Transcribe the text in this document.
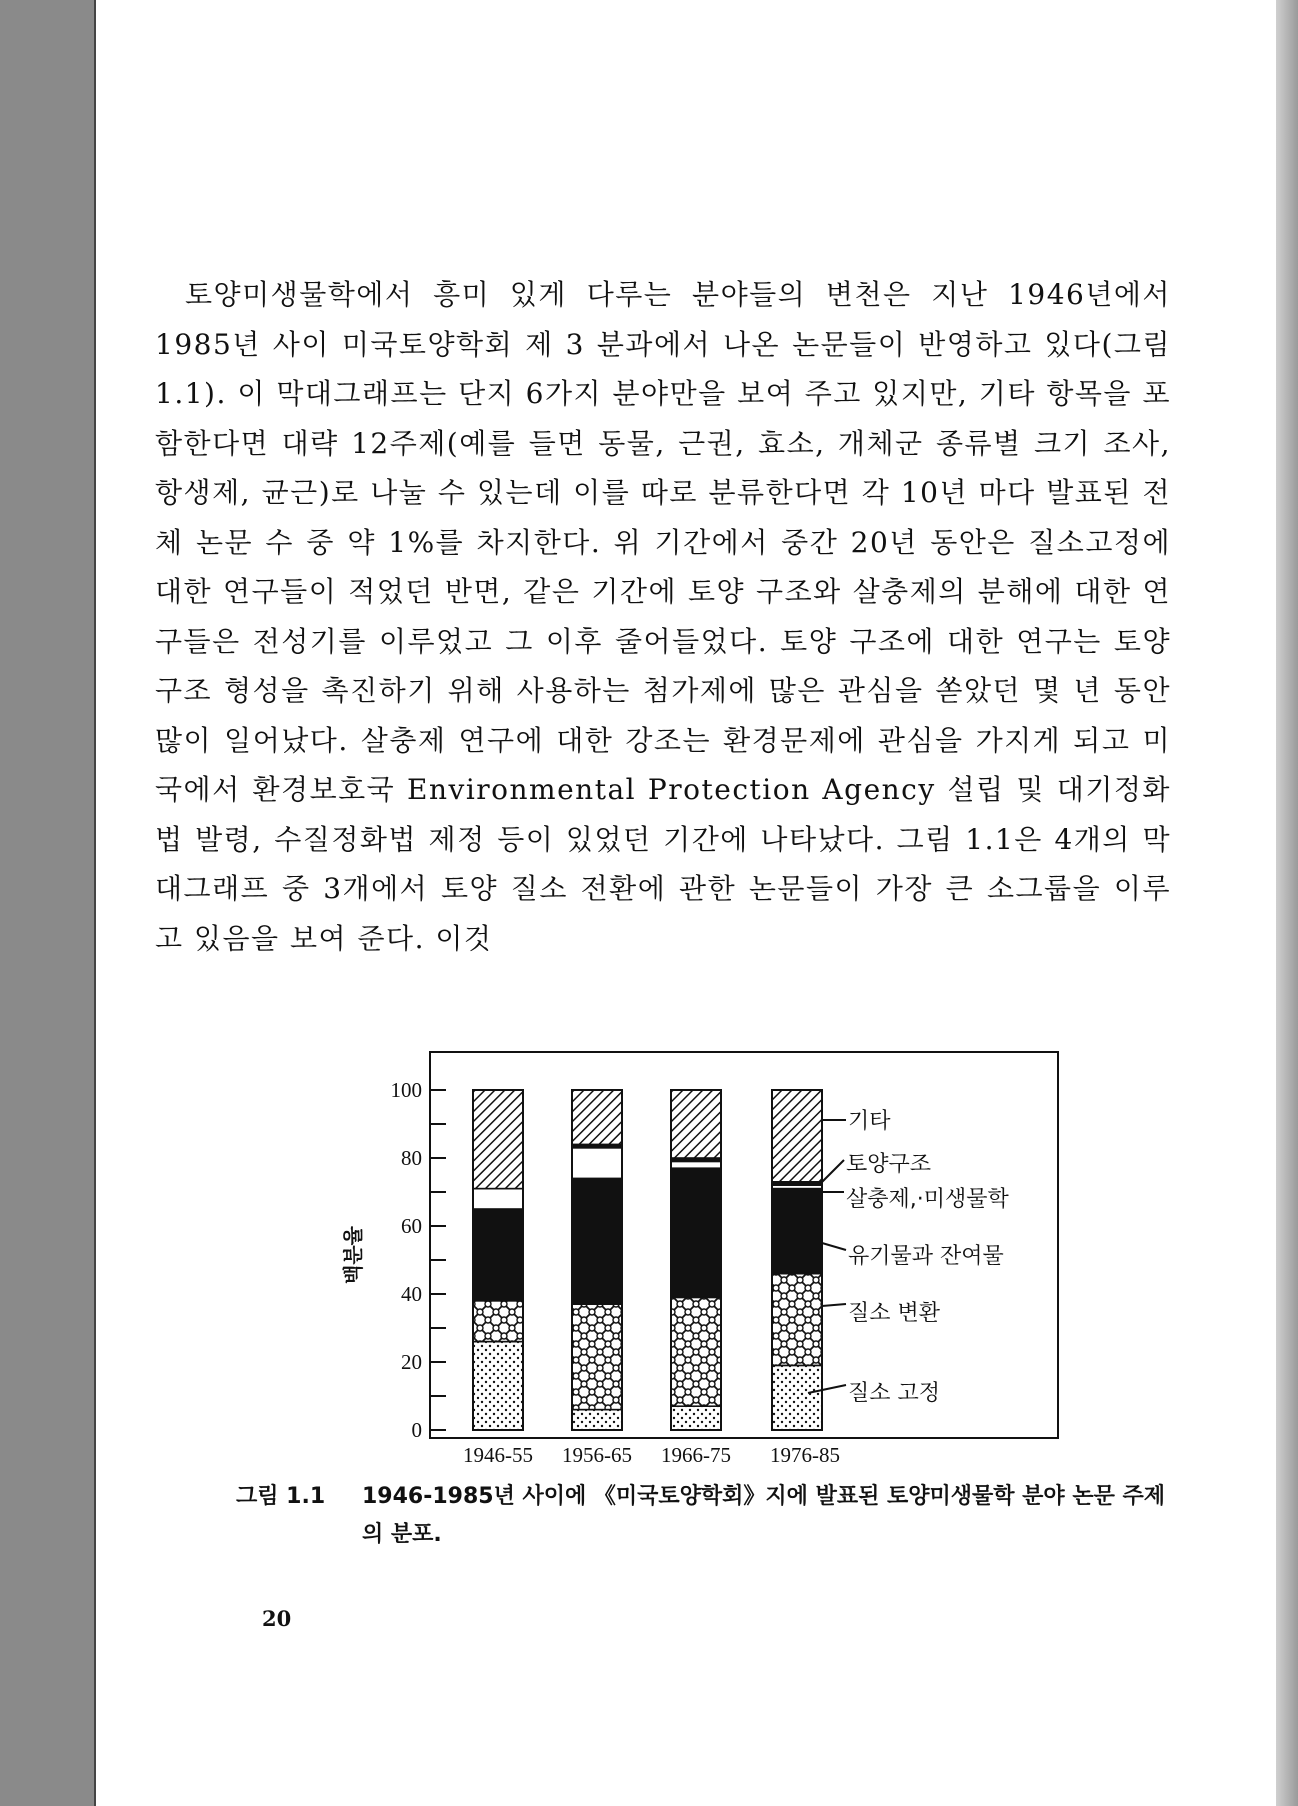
토양미생물학에서 흥미 있게 다루는 분야들의 변천은 지난 1946년에서 1985년 사이 미국토양학회 제 3 분과에서 나온 논문들이 반영하고 있다(그림 1.1). 이 막대그래프는 단지 6가지 분야만을 보여 주고 있지만, 기타 항목을 포함한다면 대략 12주제(예를 들면 동물, 근권, 효소, 개체군 종류별 크기 조사, 항생제, 균근)로 나눌 수 있는데 이를 따로 분류한다면 각 10년 마다 발표된 전체 논문 수 중 약 1%를 차지한다. 위 기간에서 중간 20년 동안은 질소고정에 대한 연구들이 적었던 반면, 같은 기간에 토양 구조와 살충제의 분해에 대한 연구들은 전성기를 이루었고 그 이후 줄어들었다. 토양 구조에 대한 연구는 토양 구조 형성을 촉진하기 위해 사용하는 첨가제에 많은 관심을 쏟았던 몇 년 동안 많이 일어났다. 살충제 연구에 대한 강조는 환경문제에 관심을 가지게 되고 미국에서 환경보호국 Environmental Protection Agency 설립 및 대기정화법 발령, 수질정화법 제정 등이 있었던 기간에 나타났다. 그림 1.1은 4개의 막대그래프 중 3개에서 토양 질소 전환에 관한 논문들이 가장 큰 소그룹을 이루고 있음을 보여 준다. 이것

0
20
40
60
80
100
1946-55 1956-65 1966-75 1976-85
기타
토양구조
살충제,·미생물학
유기물과 잔여물
질소 변환
질소 고정
백분율
그림 1.1 1946-1985년 사이에 《미국토양학회》지에 발표된 토양미생물학 분야 논문 주제의 분포.
20
